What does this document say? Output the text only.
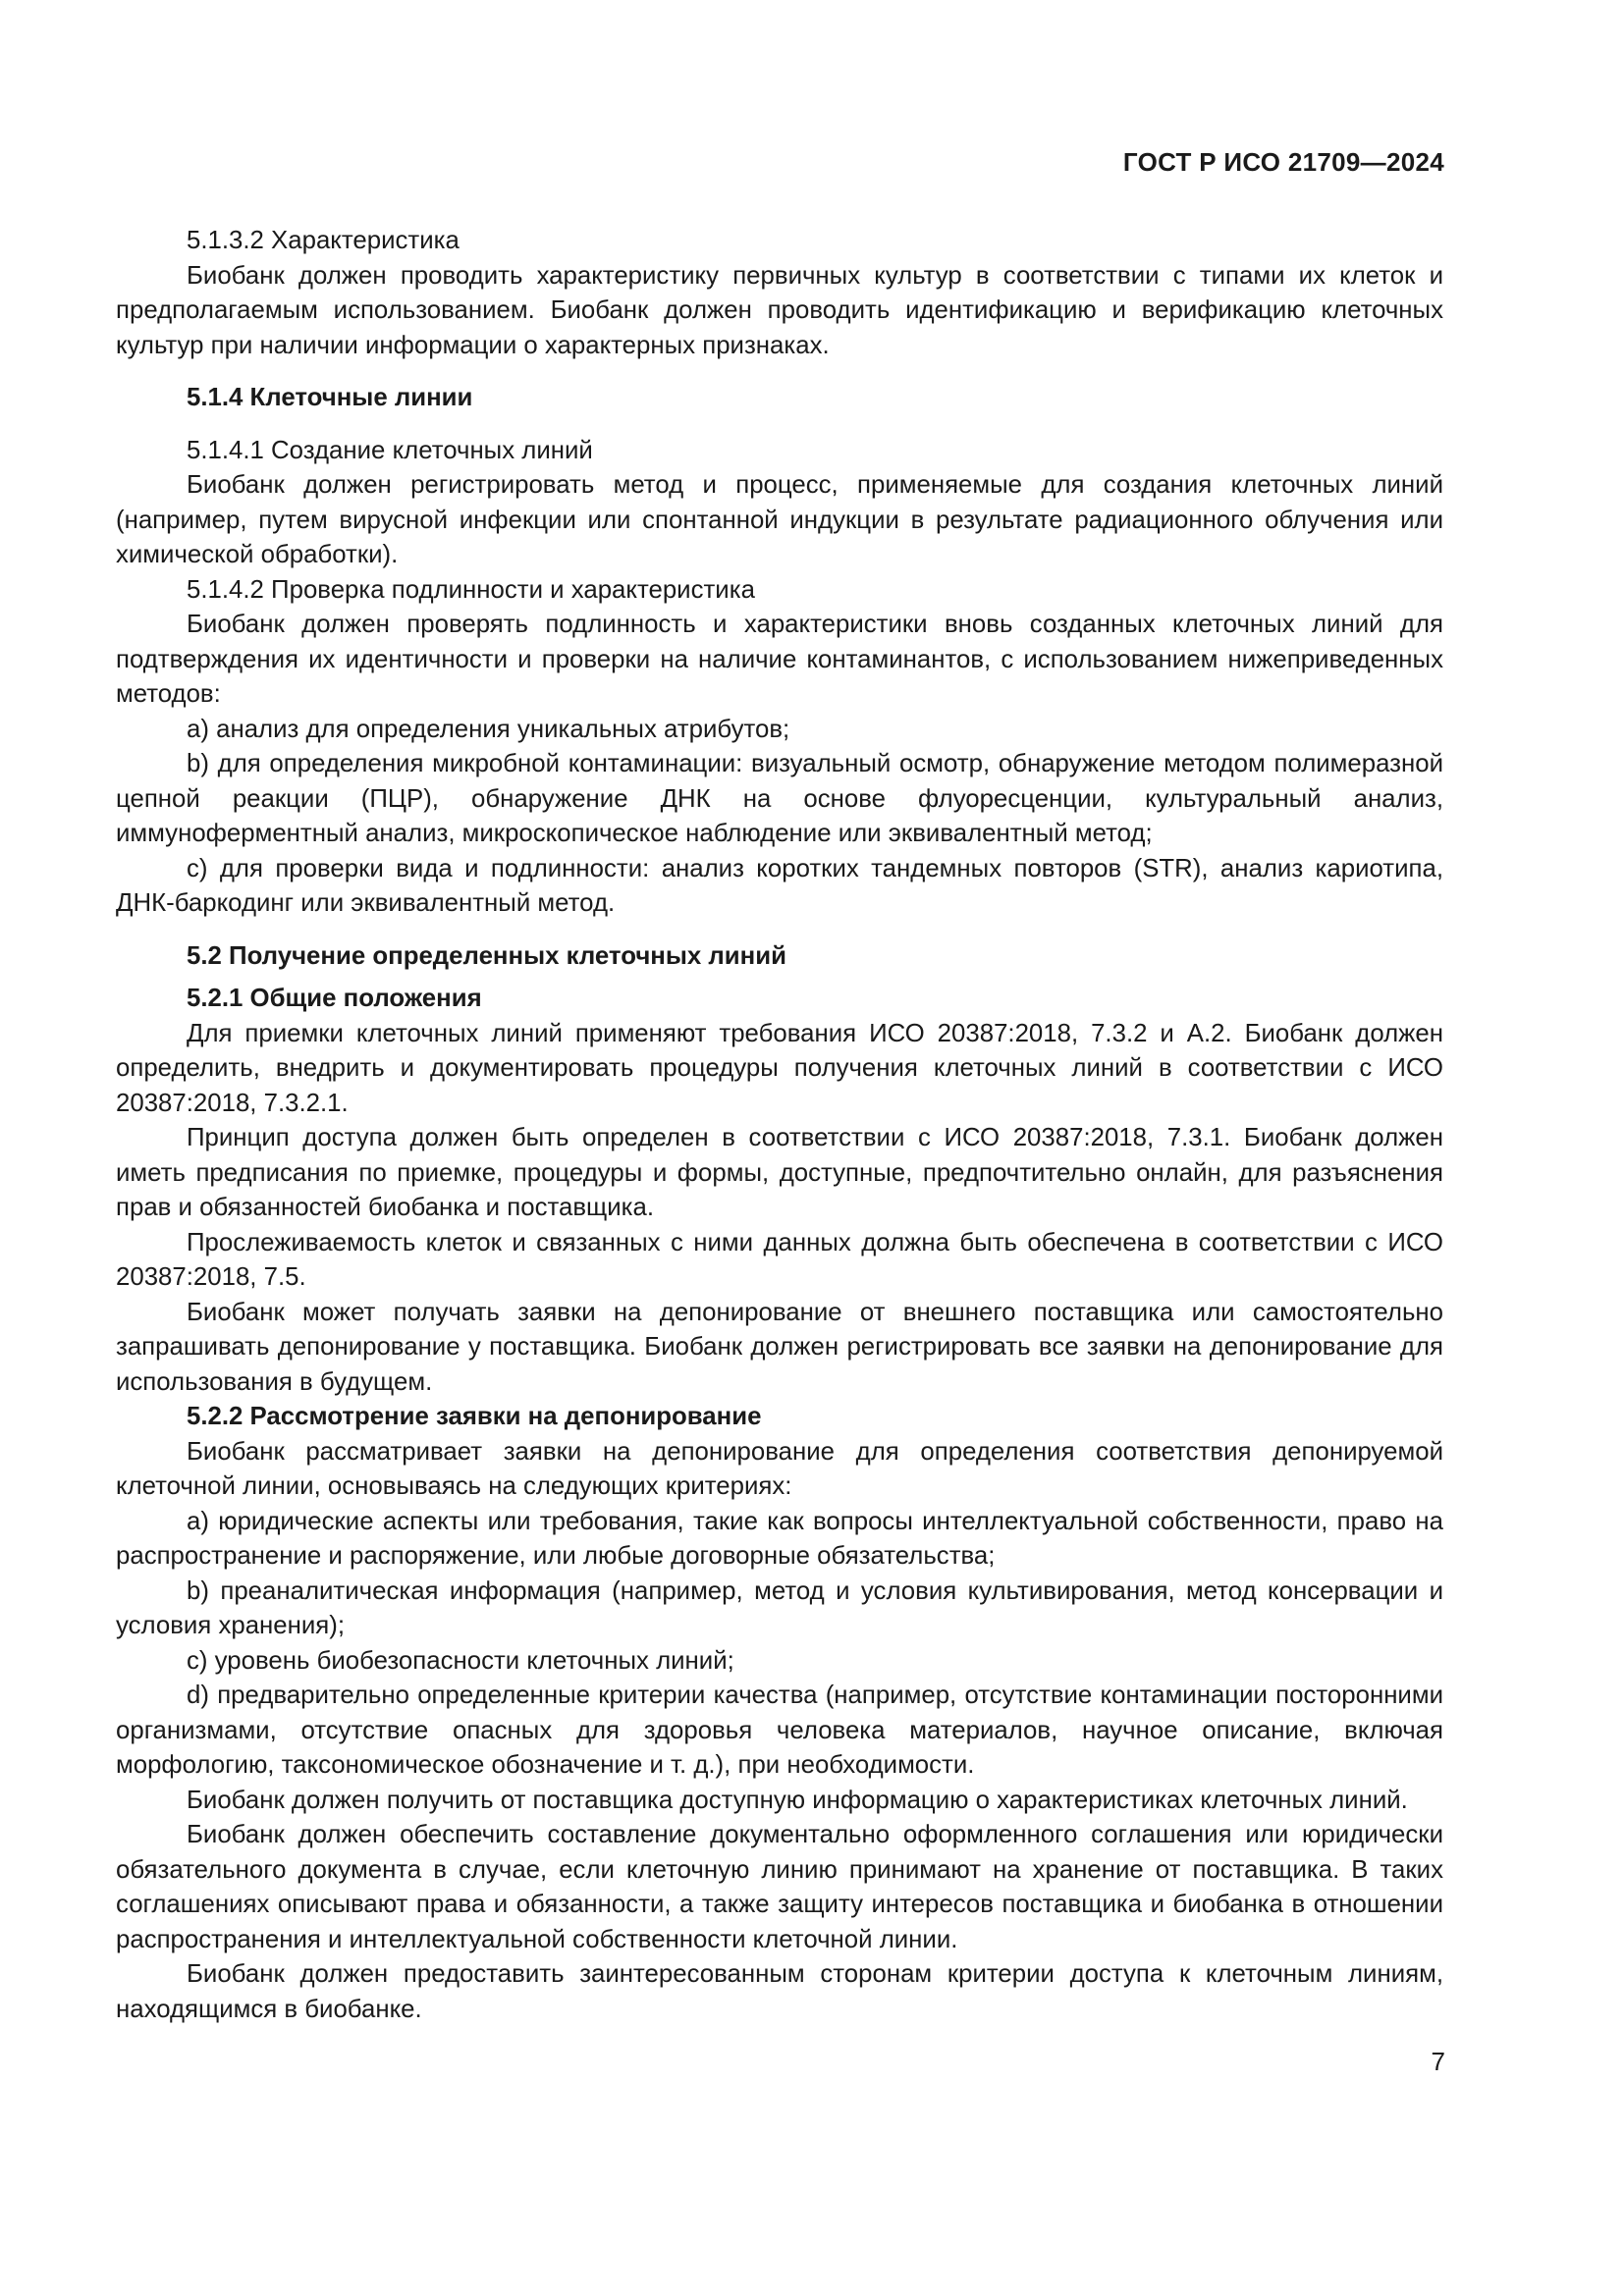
ГОСТ Р ИСО 21709—2024

5.1.3.2 Характеристика

Биобанк должен проводить характеристику первичных культур в соответствии с типами их клеток и предполагаемым использованием. Биобанк должен проводить идентификацию и верификацию клеточных культур при наличии информации о характерных признаках.

5.1.4 Клеточные линии

5.1.4.1 Создание клеточных линий

Биобанк должен регистрировать метод и процесс, применяемые для создания клеточных линий (например, путем вирусной инфекции или спонтанной индукции в результате радиационного облучения или химической обработки).

5.1.4.2 Проверка подлинности и характеристика

Биобанк должен проверять подлинность и характеристики вновь созданных клеточных линий для подтверждения их идентичности и проверки на наличие контаминантов, с использованием нижеприведенных методов:

a) анализ для определения уникальных атрибутов;

b) для определения микробной контаминации: визуальный осмотр, обнаружение методом полимеразной цепной реакции (ПЦР), обнаружение ДНК на основе флуоресценции, культуральный анализ, иммуноферментный анализ, микроскопическое наблюдение или эквивалентный метод;

c) для проверки вида и подлинности: анализ коротких тандемных повторов (STR), анализ кариотипа, ДНК-баркодинг или эквивалентный метод.

5.2 Получение определенных клеточных линий
5.2.1 Общие положения

Для приемки клеточных линий применяют требования ИСО 20387:2018, 7.3.2 и А.2. Биобанк должен определить, внедрить и документировать процедуры получения клеточных линий в соответствии с ИСО 20387:2018, 7.3.2.1.

Принцип доступа должен быть определен в соответствии с ИСО 20387:2018, 7.3.1. Биобанк должен иметь предписания по приемке, процедуры и формы, доступные, предпочтительно онлайн, для разъяснения прав и обязанностей биобанка и поставщика.

Прослеживаемость клеток и связанных с ними данных должна быть обеспечена в соответствии с ИСО 20387:2018, 7.5.

Биобанк может получать заявки на депонирование от внешнего поставщика или самостоятельно запрашивать депонирование у поставщика. Биобанк должен регистрировать все заявки на депонирование для использования в будущем.

5.2.2 Рассмотрение заявки на депонирование

Биобанк рассматривает заявки на депонирование для определения соответствия депонируемой клеточной линии, основываясь на следующих критериях:

a) юридические аспекты или требования, такие как вопросы интеллектуальной собственности, право на распространение и распоряжение, или любые договорные обязательства;

b) преаналитическая информация (например, метод и условия культивирования, метод консервации и условия хранения);

c) уровень биобезопасности клеточных линий;

d) предварительно определенные критерии качества (например, отсутствие контаминации посторонними организмами, отсутствие опасных для здоровья человека материалов, научное описание, включая морфологию, таксономическое обозначение и т. д.), при необходимости.

Биобанк должен получить от поставщика доступную информацию о характеристиках клеточных линий.

Биобанк должен обеспечить составление документально оформленного соглашения или юридически обязательного документа в случае, если клеточную линию принимают на хранение от поставщика. В таких соглашениях описывают права и обязанности, а также защиту интересов поставщика и биобанка в отношении распространения и интеллектуальной собственности клеточной линии.

Биобанк должен предоставить заинтересованным сторонам критерии доступа к клеточным линиям, находящимся в биобанке.

7
